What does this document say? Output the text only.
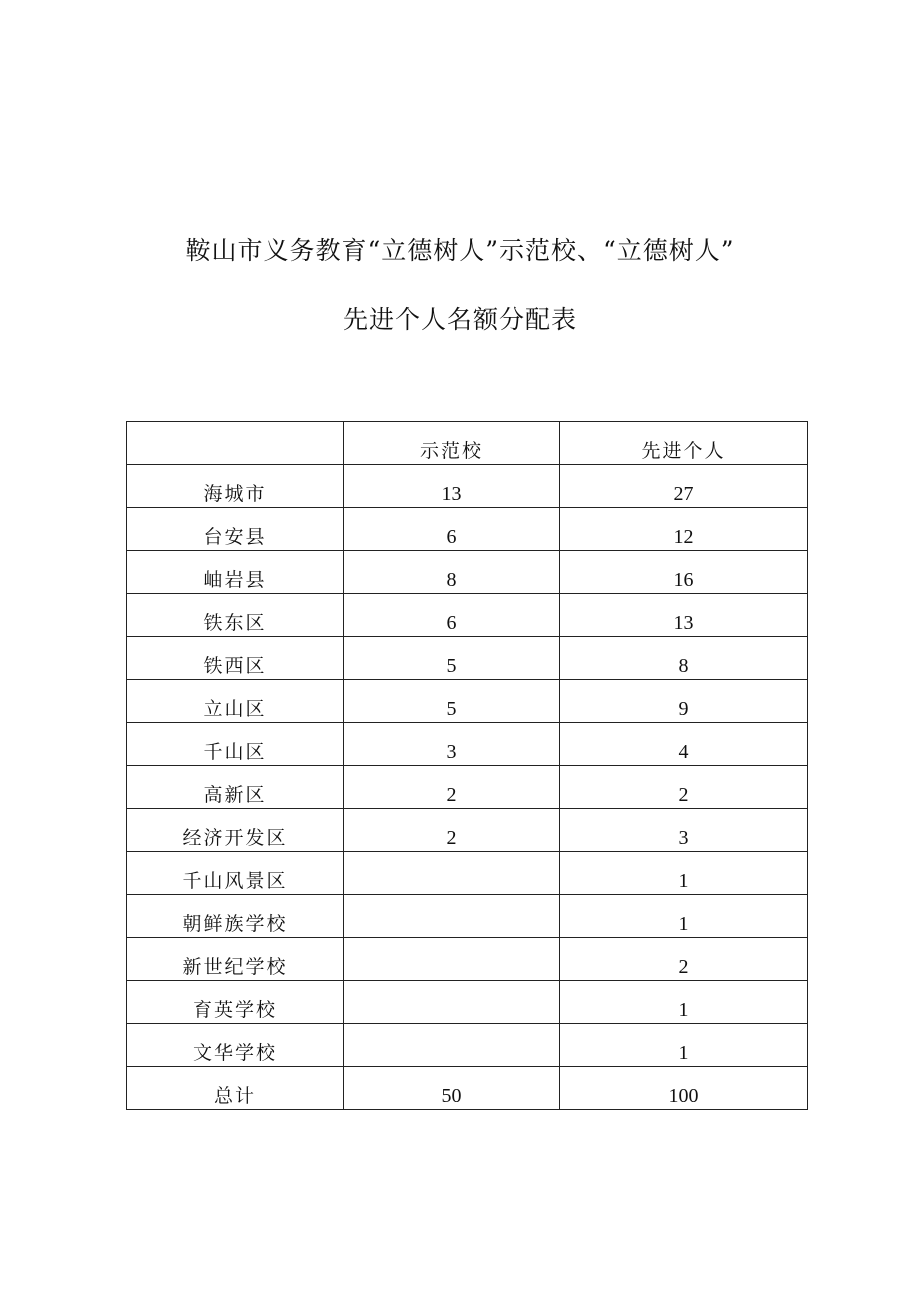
鞍山市义务教育“立德树人”示范校、“立德树人”
先进个人名额分配表
	示范校	先进个人
海城市	13	27
台安县	6	12
岫岩县	8	16
铁东区	6	13
铁西区	5	8
立山区	5	9
千山区	3	4
高新区	2	2
经济开发区	2	3
千山风景区		1
朝鲜族学校		1
新世纪学校		2
育英学校		1
文华学校		1
总计	50	100
